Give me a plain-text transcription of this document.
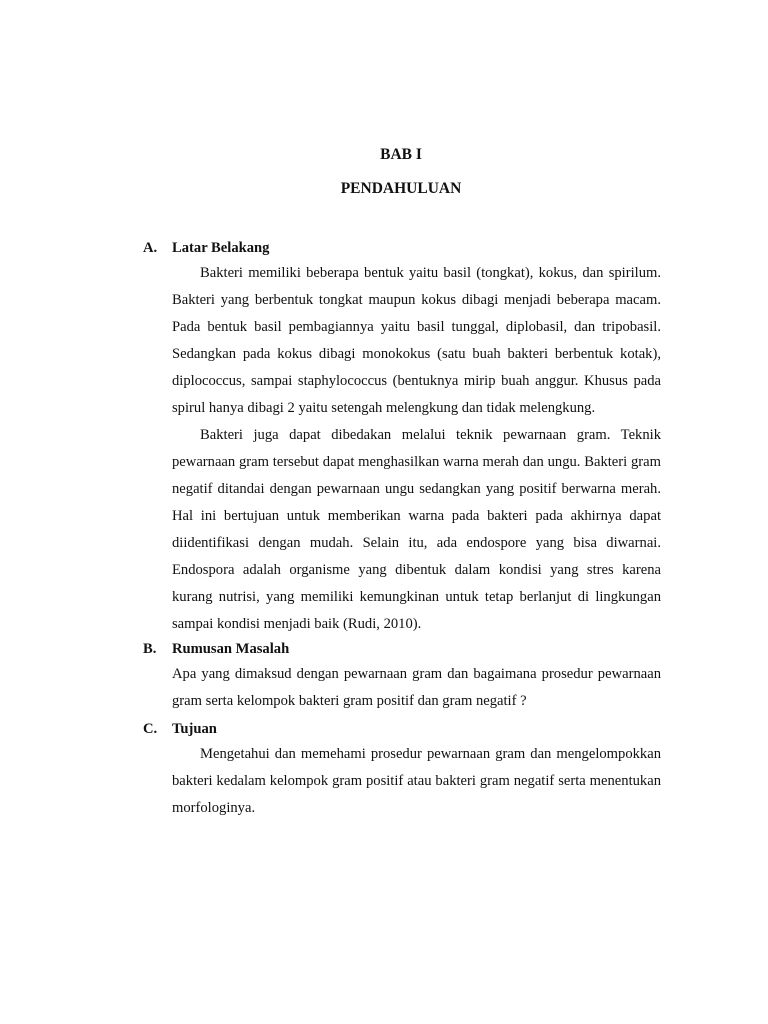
BAB I
PENDAHULUAN
A. Latar Belakang

Bakteri memiliki beberapa bentuk yaitu basil (tongkat), kokus, dan spirilum. Bakteri yang berbentuk tongkat maupun kokus dibagi menjadi beberapa macam. Pada bentuk basil pembagiannya yaitu basil tunggal, diplobasil, dan tripobasil. Sedangkan pada kokus dibagi monokokus (satu buah bakteri berbentuk kotak), diplococcus, sampai staphylococcus (bentuknya mirip buah anggur. Khusus pada spirul hanya dibagi 2 yaitu setengah melengkung dan tidak melengkung.

Bakteri juga dapat dibedakan melalui teknik pewarnaan gram. Teknik pewarnaan gram tersebut dapat menghasilkan warna merah dan ungu. Bakteri gram negatif ditandai dengan pewarnaan ungu sedangkan yang positif berwarna merah. Hal ini bertujuan untuk memberikan warna pada bakteri pada akhirnya dapat diidentifikasi dengan mudah. Selain itu, ada endospore yang bisa diwarnai. Endospora adalah organisme yang dibentuk dalam kondisi yang stres karena kurang nutrisi, yang memiliki kemungkinan untuk tetap berlanjut di lingkungan sampai kondisi menjadi baik (Rudi, 2010).

B. Rumusan Masalah

Apa yang dimaksud dengan pewarnaan gram dan bagaimana prosedur pewarnaan gram serta kelompok bakteri gram positif dan gram negatif ?

C. Tujuan

Mengetahui dan memehami prosedur pewarnaan gram dan mengelompokkan bakteri kedalam kelompok gram positif atau bakteri gram negatif serta menentukan morfologinya.
